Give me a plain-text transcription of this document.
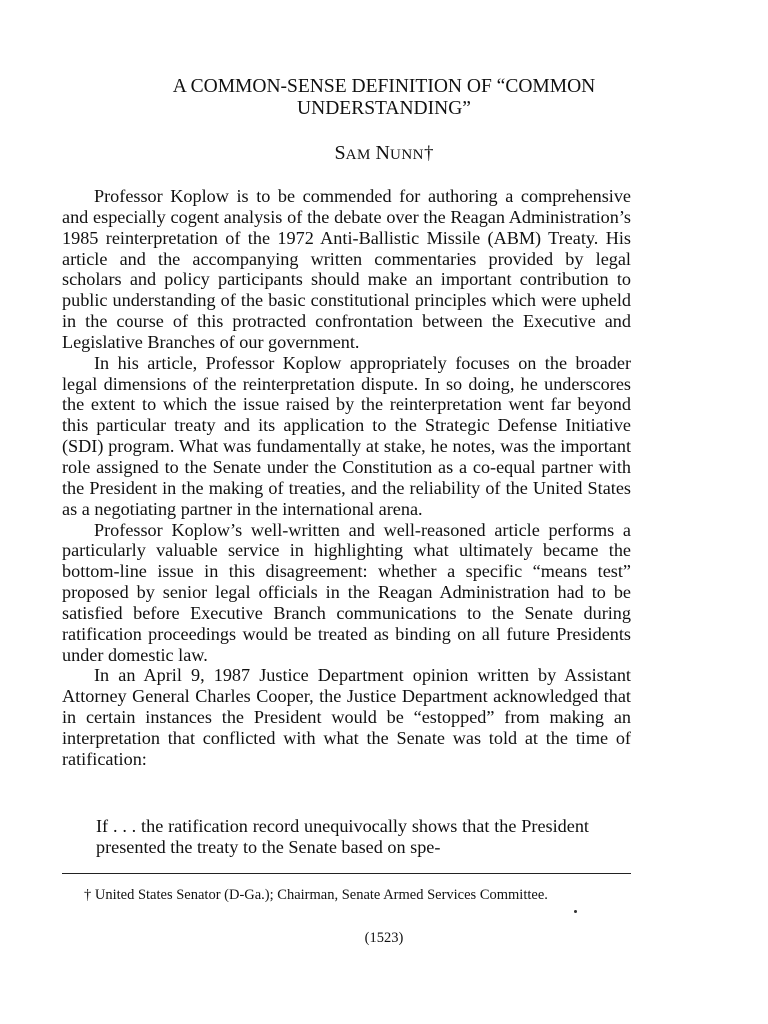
A COMMON-SENSE DEFINITION OF “COMMON
UNDERSTANDING”
SAM NUNN†

Professor Koplow is to be commended for authoring a comprehensive and especially cogent analysis of the debate over the Reagan Administration’s 1985 reinterpretation of the 1972 Anti-Ballistic Missile (ABM) Treaty. His article and the accompanying written commentaries provided by legal scholars and policy participants should make an important contribution to public understanding of the basic constitutional principles which were upheld in the course of this protracted confrontation between the Executive and Legislative Branches of our government.

In his article, Professor Koplow appropriately focuses on the broader legal dimensions of the reinterpretation dispute. In so doing, he underscores the extent to which the issue raised by the reinterpretation went far beyond this particular treaty and its application to the Strategic Defense Initiative (SDI) program. What was fundamentally at stake, he notes, was the important role assigned to the Senate under the Constitution as a co-equal partner with the President in the making of treaties, and the reliability of the United States as a negotiating partner in the international arena.

Professor Koplow’s well-written and well-reasoned article performs a particularly valuable service in highlighting what ultimately became the bottom-line issue in this disagreement: whether a specific “means test” proposed by senior legal officials in the Reagan Administration had to be satisfied before Executive Branch communications to the Senate during ratification proceedings would be treated as binding on all future Presidents under domestic law.

In an April 9, 1987 Justice Department opinion written by Assistant Attorney General Charles Cooper, the Justice Department acknowledged that in certain instances the President would be “estopped” from making an interpretation that conflicted with what the Senate was told at the time of ratification:

If . . . the ratification record unequivocally shows that the President presented the treaty to the Senate based on spe-
† United States Senator (D-Ga.); Chairman, Senate Armed Services Committee.
(1523)
